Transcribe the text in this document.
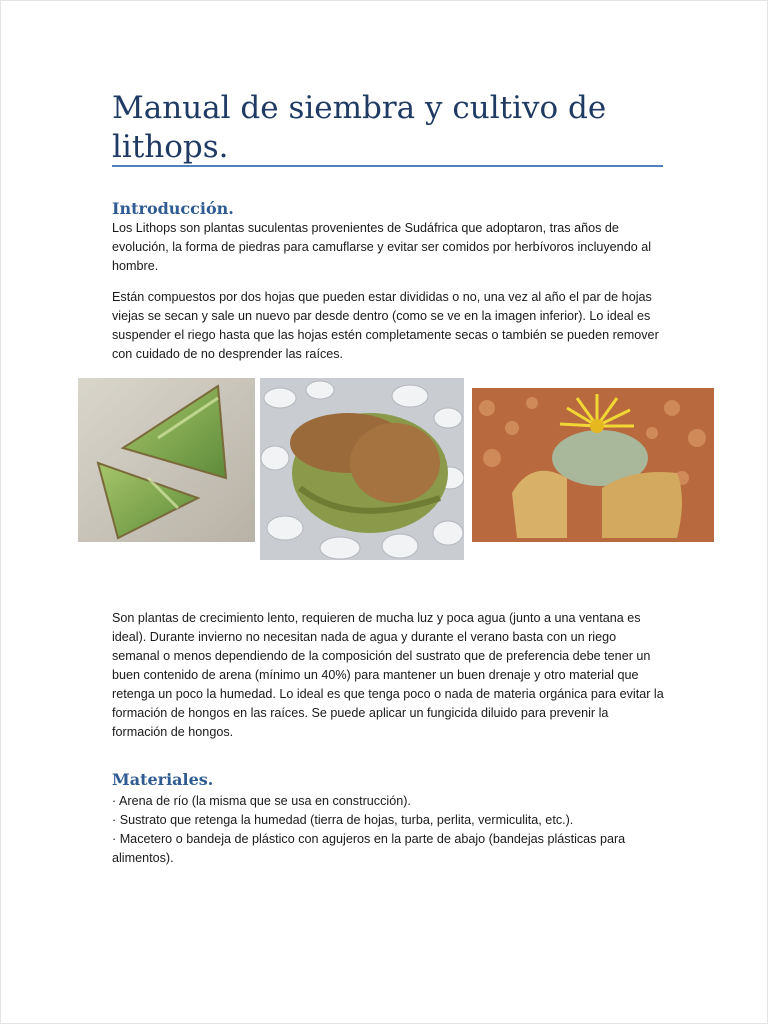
Manual de siembra y cultivo de lithops.
Introducción.

Los Lithops son plantas suculentas provenientes de Sudáfrica que adoptaron, tras años de evolución, la forma de piedras para camuflarse y evitar ser comidos por herbívoros incluyendo al hombre.

Están compuestos por dos hojas que pueden estar divididas o no, una vez al año el par de hojas viejas se secan y sale un nuevo par desde dentro (como se ve en la imagen inferior). Lo ideal es suspender el riego hasta que las hojas estén completamente secas o también se pueden remover con cuidado de no desprender las raíces.

Son plantas de crecimiento lento, requieren de mucha luz y poca agua (junto a una ventana es ideal). Durante invierno no necesitan nada de agua y durante el verano basta con un riego semanal o menos dependiendo de la composición del sustrato que de preferencia debe tener un buen contenido de arena (mínimo un 40%) para mantener un buen drenaje y otro material que retenga un poco la humedad. Lo ideal es que tenga poco o nada de materia orgánica para evitar la formación de hongos en las raíces. Se puede aplicar un fungicida diluido para prevenir la formación de hongos.

Materiales.
· Arena de río (la misma que se usa en construcción).
· Sustrato que retenga la humedad (tierra de hojas, turba, perlita, vermiculita, etc.).
· Macetero o bandeja de plástico con agujeros en la parte de abajo (bandejas plásticas para alimentos).
